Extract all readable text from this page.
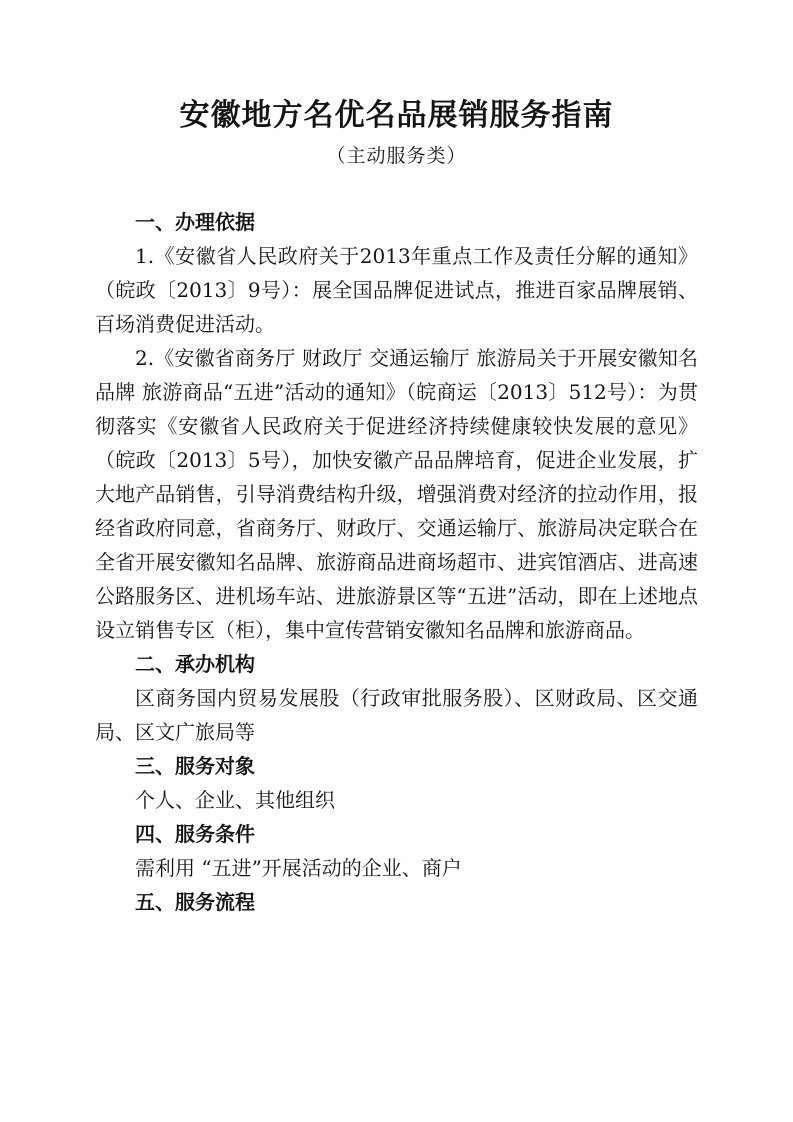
安徽地方名优名品展销服务指南
（主动服务类）
一、办理依据
1.《安徽省人民政府关于2013年重点工作及责任分解的通知》（皖政〔2013〕9号）：展全国品牌促进试点，推进百家品牌展销、百场消费促进活动。
2.《安徽省商务厅 财政厅 交通运输厅 旅游局关于开展安徽知名品牌 旅游商品“五进”活动的通知》（皖商运〔2013〕512号）：为贯彻落实《安徽省人民政府关于促进经济持续健康较快发展的意见》（皖政〔2013〕5号），加快安徽产品品牌培育，促进企业发展，扩大地产品销售，引导消费结构升级，增强消费对经济的拉动作用，报经省政府同意，省商务厅、财政厅、交通运输厅、旅游局决定联合在全省开展安徽知名品牌、旅游商品进商场超市、进宾馆酒店、进高速公路服务区、进机场车站、进旅游景区等“五进”活动，即在上述地点设立销售专区（柜），集中宣传营销安徽知名品牌和旅游商品。
二、承办机构
区商务国内贸易发展股（行政审批服务股）、区财政局、区交通局、区文广旅局等
三、服务对象
个人、企业、其他组织
四、服务条件
需利用 “五进”开展活动的企业、商户
五、服务流程
